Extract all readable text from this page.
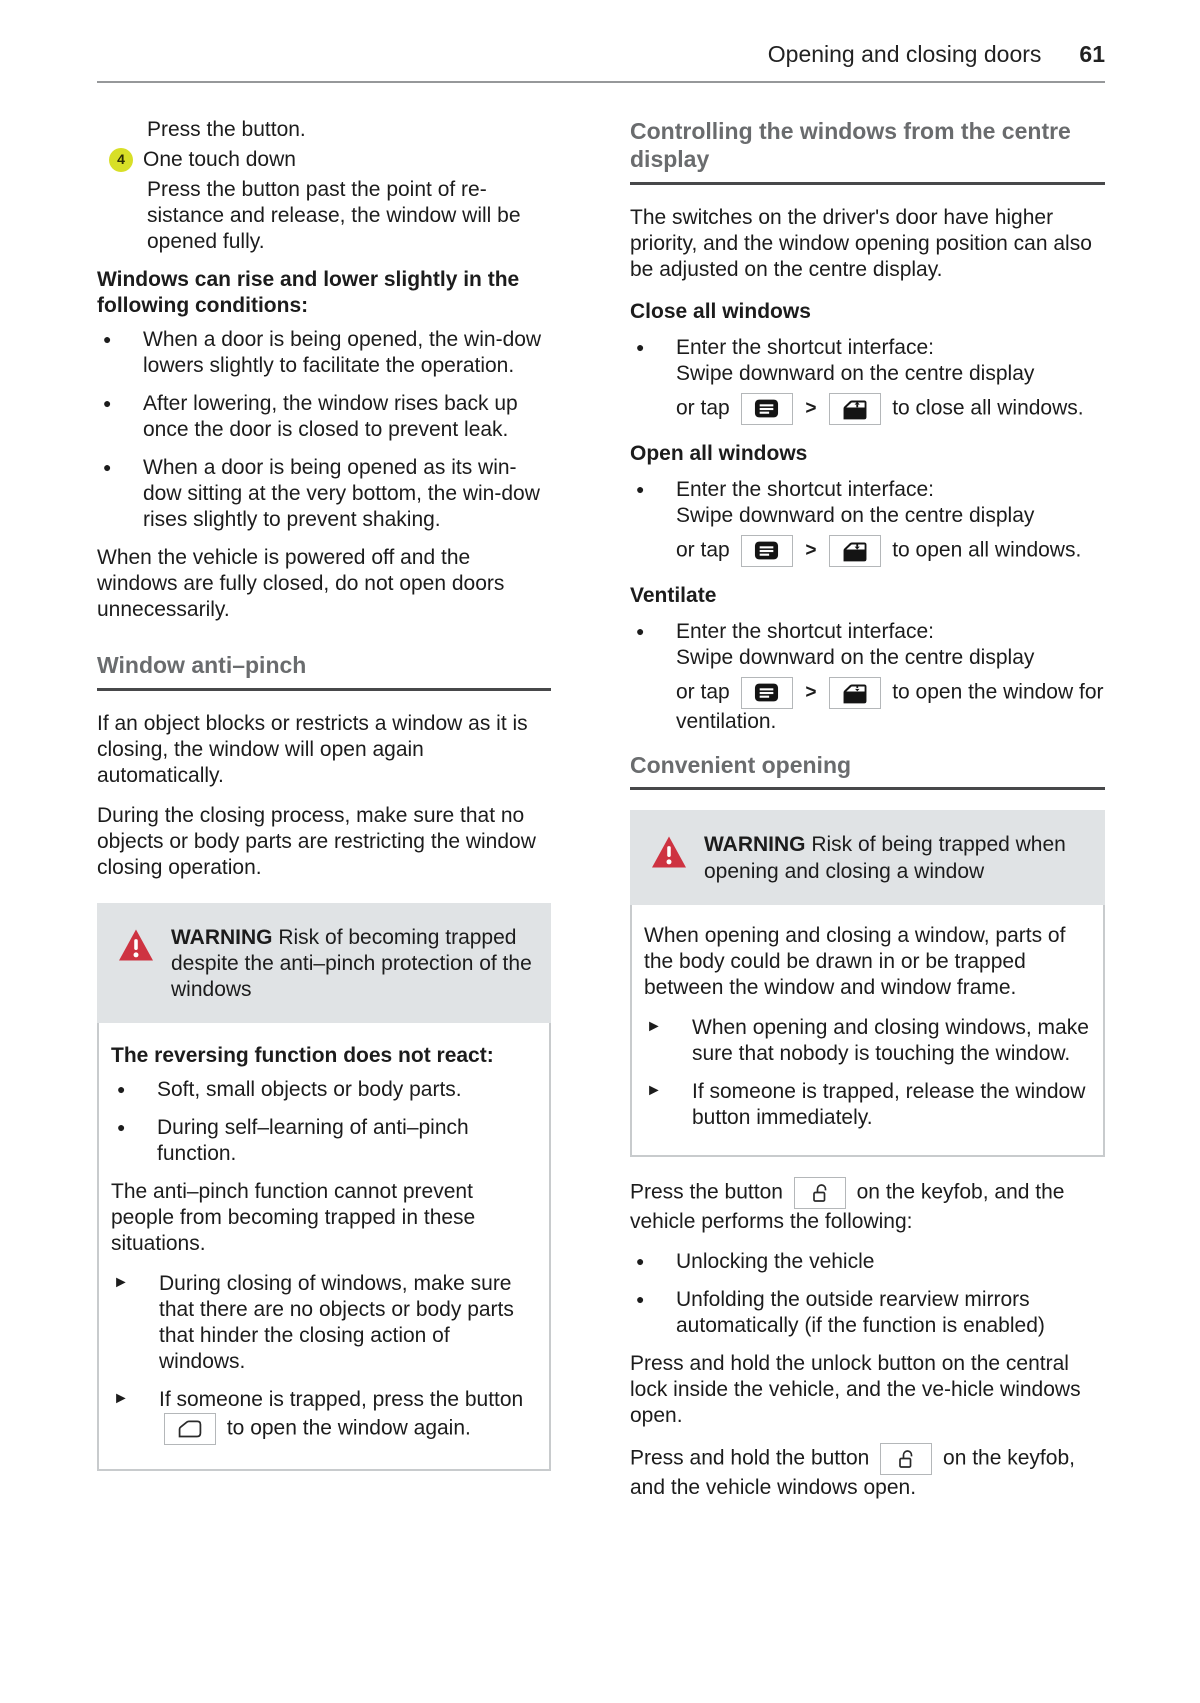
Opening and closing doors 61

Press the button.

4 One touch down

Press the button past the point of re-sistance and release, the window will be opened fully.

Windows can rise and lower slightly in the following conditions:

●	When a door is being opened, the win-dow lowers slightly to facilitate the operation.
●	After lowering, the window rises back up once the door is closed to prevent leak.
●	When a door is being opened as its win-dow sitting at the very bottom, the win-dow rises slightly to prevent shaking.

When the vehicle is powered off and the windows are fully closed, do not open doors unnecessarily.

Window anti–pinch

If an object blocks or restricts a window as it is closing, the window will open again automatically.

During the closing process, make sure that no objects or body parts are restricting the window closing operation.

WARNING Risk of becoming trapped despite the anti–pinch protection of the windows

The reversing function does not react:

●	Soft, small objects or body parts.
●	During self–learning of anti–pinch function.

The anti–pinch function cannot prevent people from becoming trapped in these situations.

►	During closing of windows, make sure that there are no objects or body parts that hinder the closing action of windows.
►	If someone is trapped, press the button
to open the window again.
Controlling the windows from the centre display

The switches on the driver's door have higher priority, and the window opening position can also be adjusted on the centre display.

Close all windows

●	Enter the shortcut interface:
Swipe downward on the centre display
or tap	>	to close all windows.

Open all windows

●	Enter the shortcut interface:
Swipe downward on the centre display
or tap	>	to open all windows.

Ventilate

●	Enter the shortcut interface:
Swipe downward on the centre display
or tap	>	to open the window for ventilation.
Convenient opening

WARNING Risk of being trapped when opening and closing a window

When opening and closing a window, parts of the body could be drawn in or be trapped between the window and window frame.

►	When opening and closing windows, make sure that nobody is touching the window.
►	If someone is trapped, release the window button immediately.

Press the button	on the keyfob, and the vehicle performs the following:

●	Unlocking the vehicle
●	Unfolding the outside rearview mirrors automatically (if the function is enabled)

Press and hold the unlock button on the central lock inside the vehicle, and the ve-hicle windows open.

Press and hold the button	on the keyfob, and the vehicle windows open.
